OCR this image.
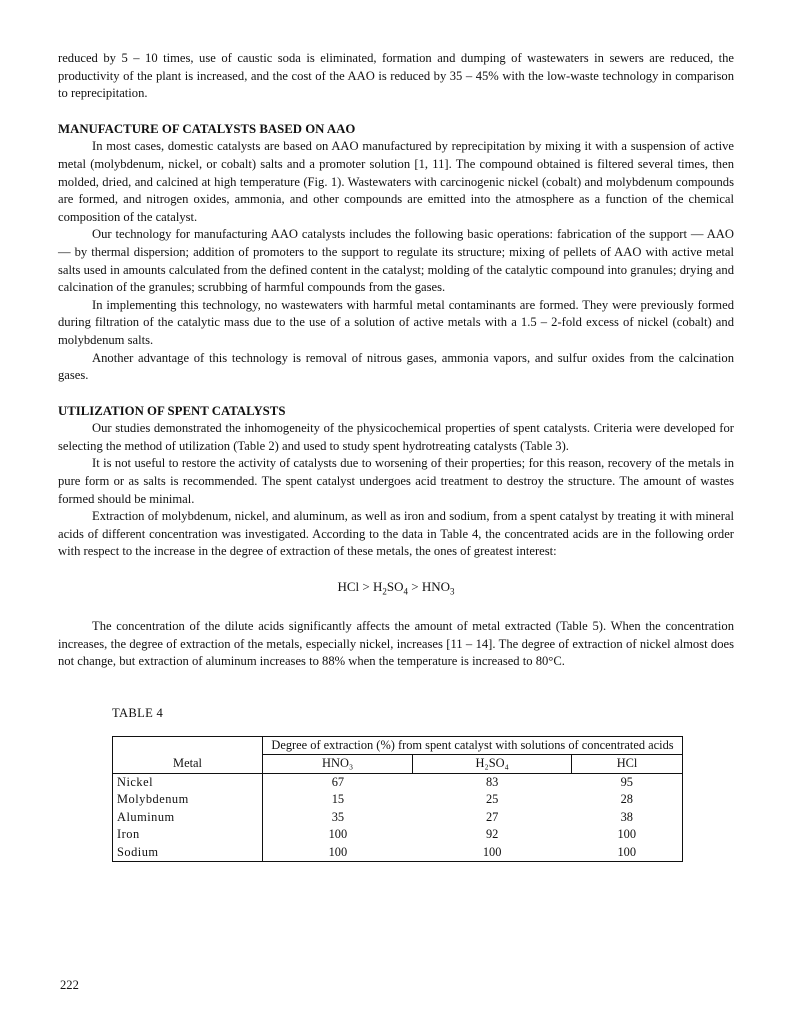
reduced by 5 – 10 times, use of caustic soda is eliminated, formation and dumping of wastewaters in sewers are reduced, the productivity of the plant is increased, and the cost of the AAO is reduced by 35 – 45% with the low-waste technology in comparison to reprecipitation.

MANUFACTURE OF CATALYSTS BASED ON AAO

In most cases, domestic catalysts are based on AAO manufactured by reprecipitation by mixing it with a suspension of active metal (molybdenum, nickel, or cobalt) salts and a promoter solution [1, 11]. The compound obtained is filtered several times, then molded, dried, and calcined at high temperature (Fig. 1). Wastewaters with carcinogenic nickel (cobalt) and molybdenum compounds are formed, and nitrogen oxides, ammonia, and other compounds are emitted into the atmosphere as a function of the chemical composition of the catalyst.

Our technology for manufacturing AAO catalysts includes the following basic operations: fabrication of the support — AAO — by thermal dispersion; addition of promoters to the support to regulate its structure; mixing of pellets of AAO with active metal salts used in amounts calculated from the defined content in the catalyst; molding of the catalytic compound into granules; drying and calcination of the granules; scrubbing of harmful compounds from the gases.

In implementing this technology, no wastewaters with harmful metal contaminants are formed. They were previously formed during filtration of the catalytic mass due to the use of a solution of active metals with a 1.5 – 2-fold excess of nickel (cobalt) and molybdenum salts.

Another advantage of this technology is removal of nitrous gases, ammonia vapors, and sulfur oxides from the calcination gases.

UTILIZATION OF SPENT CATALYSTS

Our studies demonstrated the inhomogeneity of the physicochemical properties of spent catalysts. Criteria were developed for selecting the method of utilization (Table 2) and used to study spent hydrotreating catalysts (Table 3).

It is not useful to restore the activity of catalysts due to worsening of their properties; for this reason, recovery of the metals in pure form or as salts is recommended. The spent catalyst undergoes acid treatment to destroy the structure. The amount of wastes formed should be minimal.

Extraction of molybdenum, nickel, and aluminum, as well as iron and sodium, from a spent catalyst by treating it with mineral acids of different concentration was investigated. According to the data in Table 4, the concentrated acids are in the following order with respect to the increase in the degree of extraction of these metals, the ones of greatest interest:

HCl > $H_2SO_4 > HNO_3$

The concentration of the dilute acids significantly affects the amount of metal extracted (Table 5). When the concentration increases, the degree of extraction of the metals, especially nickel, increases [11 – 14]. The degree of extraction of nickel almost does not change, but extraction of aluminum increases to 88% when the temperature is increased to 80°C.

TABLE 4
Metal	Degree of extraction (%) from spent catalyst with solutions of concentrated acids		
	HNO₃	H₂SO₄	HCl
Nickel	67	83	95
Molybdenum	15	25	28
Aluminum	35	27	38
Iron	100	92	100
Sodium	100	100	100
222
